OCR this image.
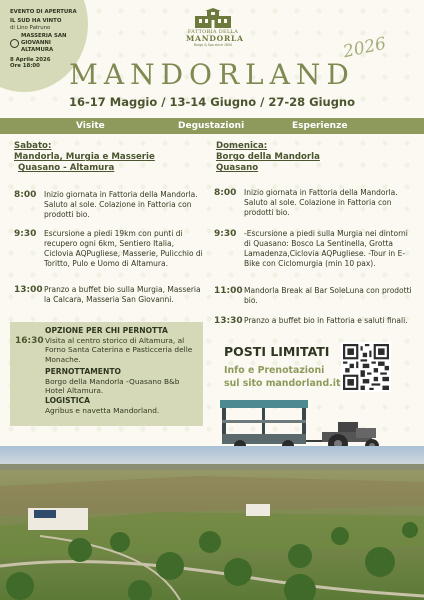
EVENTO DI APERTURA
IL SUD HA VINTO
di Lino Patruno
MASSERIA SAN
GIOVANNI
ALTAMURA
8 Aprile 2026
Ore 18:00
FATTORIA DELLA
MANDORLA
Borgo & Spa since 1850
MANDORLAND
2026
16-17 Maggio / 13-14 Giugno / 27-28 Giugno
Visite	Degustazioni	Esperienze
Sabato:
Mandorla, Murgia e Masserie
Quasano - Altamura
8:00	Inizio giornata in Fattoria della Mandorla. Saluto al sole. Colazione in Fattoria con prodotti bio.
9:30	Escursione a piedi 19km con punti di recupero ogni 6km, Sentiero Italia, Ciclovia AQPugliese, Masserie, Pulicchio di Toritto, Pulo e Uomo di Altamura.
13:00 Pranzo a buffet bio sulla Murgia, Masseria la Calcara, Masseria San Giovanni.
16:30
OPZIONE PER CHI PERNOTTA
Visita al centro storico di Altamura, al Forno Santa Caterina e Pasticceria delle Monache.
PERNOTTAMENTO
Borgo della Mandorla -Quasano B&b Hotel Altamura.
LOGISTICA
Agribus e navetta Mandorland.
Domenica:
Borgo della Mandorla
Quasano
8:00	Inizio giornata in Fattoria della Mandorla. Saluto al sole. Colazione in Fattoria con prodotti bio.
9:30	-Escursione a piedi sulla Murgia nei dintorni di Quasano: Bosco La Sentinella, Grotta Lamadenza,Ciclovia AQPugliese. -Tour in E-Bike con Ciclomurgia (min 10 pax).
11:00 Mandorla Break al Bar SoleLuna con prodotti bio.
13:30 Pranzo a buffet bio in Fattoria e saluti finali.
POSTI LIMITATI
Info e Prenotazioni
sul sito mandorland.it
